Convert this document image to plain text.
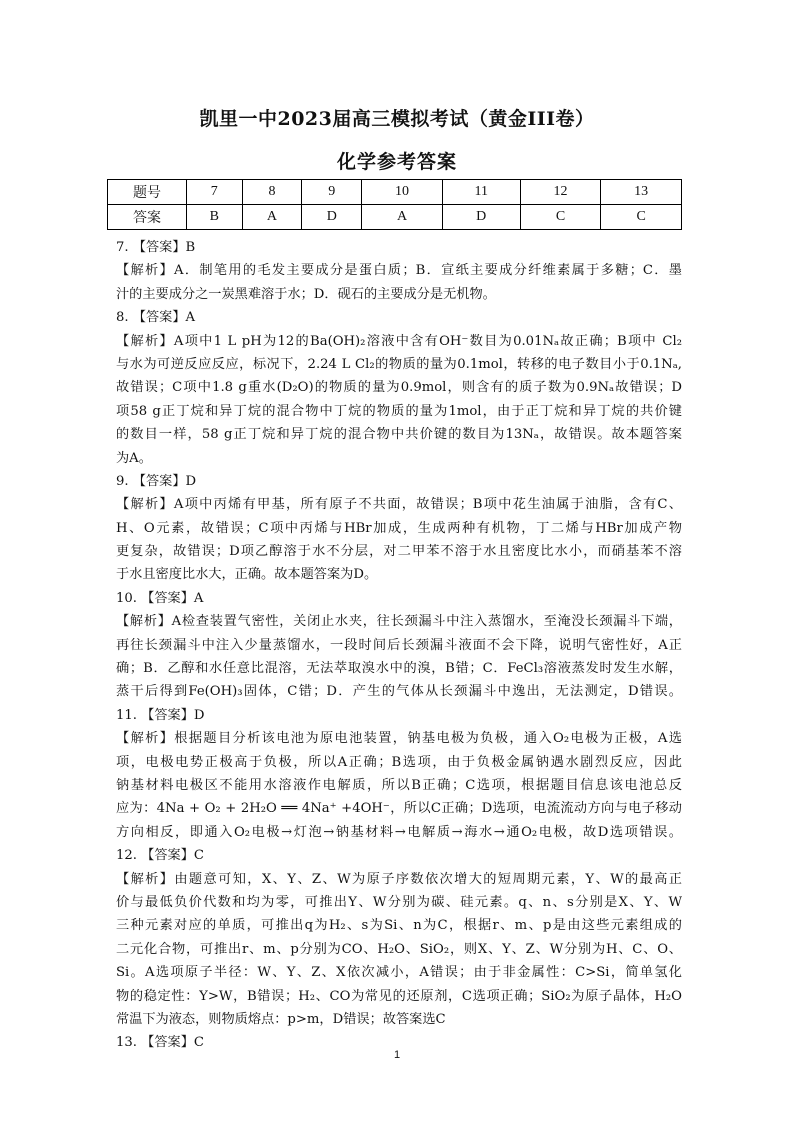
凯里一中2023届高三模拟考试（黄金III卷）
化学参考答案
题号	7	8	9	10	11	12	13
答案	B	A	D	A	D	C	C
7. 【答案】B
【解析】A．制笔用的毛发主要成分是蛋白质；B．宣纸主要成分纤维素属于多糖；C．墨
汁的主要成分之一炭黑难溶于水；D．砚石的主要成分是无机物。
8. 【答案】A
【解析】A项中1 L pH为12的Ba(OH)₂溶液中含有OH⁻数目为0.01Nₐ故正确；B项中 Cl₂
与水为可逆反应反应，标况下，2.24 L Cl₂的物质的量为0.1mol，转移的电子数目小于0.1Nₐ,
故错误；C项中1.8 g重水(D₂O)的物质的量为0.9mol，则含有的质子数为0.9Nₐ故错误；D
项58 g正丁烷和异丁烷的混合物中丁烷的物质的量为1mol，由于正丁烷和异丁烷的共价键
的数目一样，58 g正丁烷和异丁烷的混合物中共价键的数目为13Nₐ，故错误。故本题答案
为A。
9. 【答案】D
【解析】A项中丙烯有甲基，所有原子不共面，故错误；B项中花生油属于油脂，含有C、
H、O元素，故错误；C项中丙烯与HBr加成，生成两种有机物，丁二烯与HBr加成产物
更复杂，故错误；D项乙醇溶于水不分层，对二甲苯不溶于水且密度比水小，而硝基苯不溶
于水且密度比水大，正确。故本题答案为D。
10. 【答案】A
【解析】A检查装置气密性，关闭止水夹，往长颈漏斗中注入蒸馏水，至淹没长颈漏斗下端，
再往长颈漏斗中注入少量蒸馏水，一段时间后长颈漏斗液面不会下降，说明气密性好，A正
确；B．乙醇和水任意比混溶，无法萃取溴水中的溴，B错；C．FeCl₃溶液蒸发时发生水解，
蒸干后得到Fe(OH)₃固体，C错；D．产生的气体从长颈漏斗中逸出，无法测定，D错误。
11. 【答案】D
【解析】根据题目分析该电池为原电池装置，钠基电极为负极，通入O₂电极为正极，A选
项，电极电势正极高于负极，所以A正确；B选项，由于负极金属钠遇水剧烈反应，因此
钠基材料电极区不能用水溶液作电解质，所以B正确；C选项，根据题目信息该电池总反
应为：4Na + O₂ + 2H₂O ══ 4Na⁺ +4OH⁻，所以C正确；D选项，电流流动方向与电子移动
方向相反，即通入O₂电极→灯泡→钠基材料→电解质→海水→通O₂电极，故D选项错误。
12. 【答案】C
【解析】由题意可知，X、Y、Z、W为原子序数依次增大的短周期元素，Y、W的最高正
价与最低负价代数和均为零，可推出Y、W分别为碳、硅元素。q、n、s分别是X、Y、W
三种元素对应的单质，可推出q为H₂、s为Si、n为C，根据r、m、p是由这些元素组成的
二元化合物，可推出r、m、p分别为CO、H₂O、SiO₂，则X、Y、Z、W分别为H、C、O、
Si。A选项原子半径：W、Y、Z、X依次减小，A错误；由于非金属性：C>Si，简单氢化
物的稳定性：Y>W，B错误；H₂、CO为常见的还原剂，C选项正确；SiO₂为原子晶体，H₂O
常温下为液态，则物质熔点：p>m，D错误；故答案选C
13. 【答案】C
1
